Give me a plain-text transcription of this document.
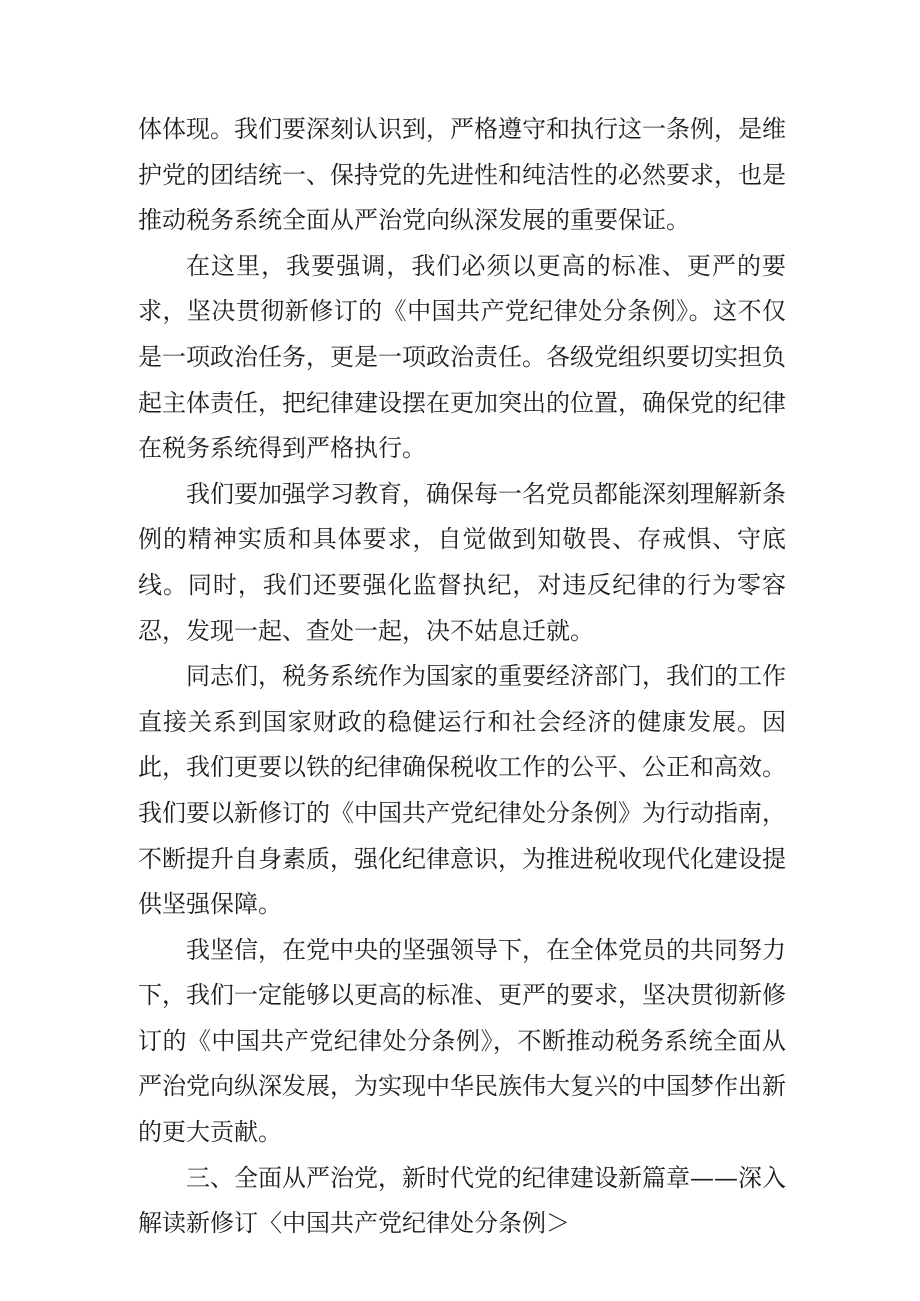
体体现。我们要深刻认识到，严格遵守和执行这一条例，是维护党的团结统一、保持党的先进性和纯洁性的必然要求，也是推动税务系统全面从严治党向纵深发展的重要保证。

在这里，我要强调，我们必须以更高的标准、更严的要求，坚决贯彻新修订的《中国共产党纪律处分条例》。这不仅是一项政治任务，更是一项政治责任。各级党组织要切实担负起主体责任，把纪律建设摆在更加突出的位置，确保党的纪律在税务系统得到严格执行。

我们要加强学习教育，确保每一名党员都能深刻理解新条例的精神实质和具体要求，自觉做到知敬畏、存戒惧、守底线。同时，我们还要强化监督执纪，对违反纪律的行为零容忍，发现一起、查处一起，决不姑息迁就。

同志们，税务系统作为国家的重要经济部门，我们的工作直接关系到国家财政的稳健运行和社会经济的健康发展。因此，我们更要以铁的纪律确保税收工作的公平、公正和高效。我们要以新修订的《中国共产党纪律处分条例》为行动指南，不断提升自身素质，强化纪律意识，为推进税收现代化建设提供坚强保障。

我坚信，在党中央的坚强领导下，在全体党员的共同努力下，我们一定能够以更高的标准、更严的要求，坚决贯彻新修订的《中国共产党纪律处分条例》，不断推动税务系统全面从严治党向纵深发展，为实现中华民族伟大复兴的中国梦作出新的更大贡献。

三、全面从严治党，新时代党的纪律建设新篇章——深入解读新修订〈中国共产党纪律处分条例＞
